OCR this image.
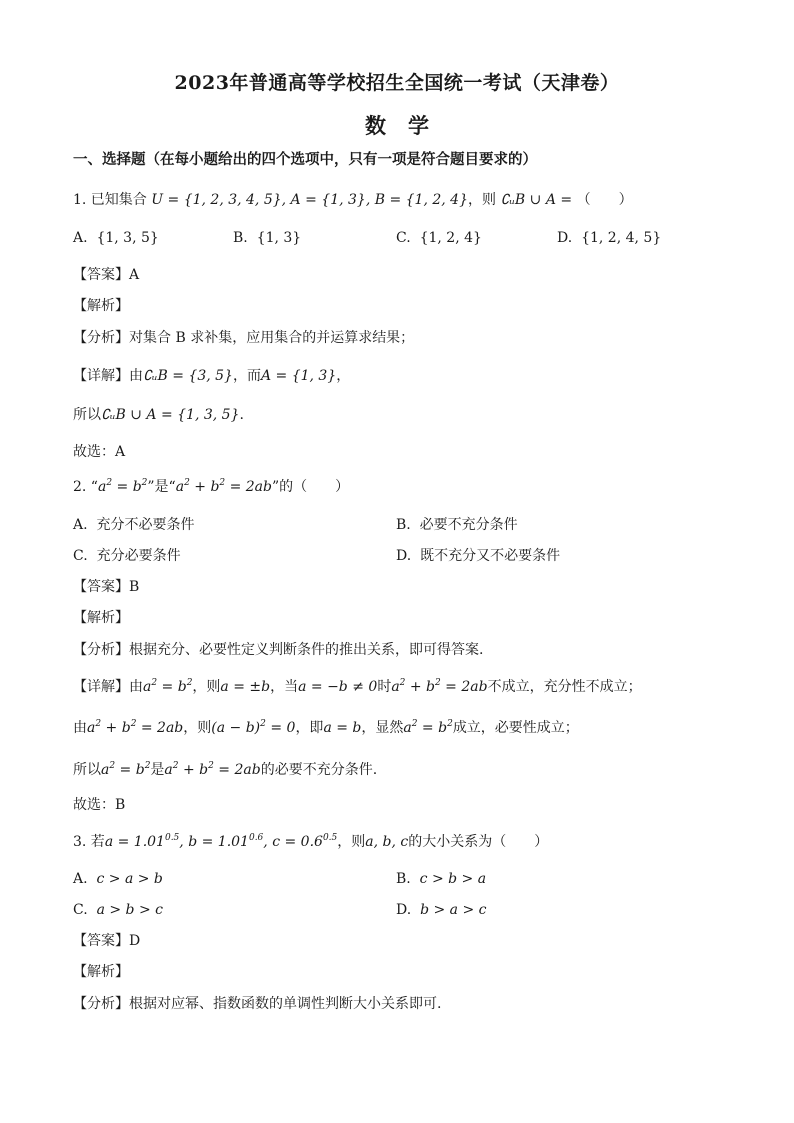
2023年普通高等学校招生全国统一考试（天津卷）
数学
一、选择题（在每小题给出的四个选项中，只有一项是符合题目要求的）
1. 已知集合 U = {1, 2, 3, 4, 5}, A = {1, 3}, B = {1, 2, 4}，则 ∁ᵤB ∪ A = （　　）
A. {1, 3, 5}	B. {1, 3}	C. {1, 2, 4}	D. {1, 2, 4, 5}
【答案】A
【解析】
【分析】对集合 B 求补集，应用集合的并运算求结果；
【详解】由∁ᵤB = {3, 5}，而A = {1, 3}，
所以∁ᵤB ∪ A = {1, 3, 5}.
故选：A
2. “$a^2 = b^2$”是“$a^2 + b^2 = 2ab$”的（　　）
A. 充分不必要条件	B. 必要不充分条件
C. 充分必要条件	D. 既不充分又不必要条件
【答案】B
【解析】
【分析】根据充分、必要性定义判断条件的推出关系，即可得答案.
【详解】由$a^2 = b^2$，则a = ±b，当a = −b ≠ 0时$a^2 + b^2 = 2ab$不成立，充分性不成立；
由$a^2 + b^2 = 2ab$，则$(a - b)^2 = 0$，即a = b，显然$a^2 = b^2$成立，必要性成立；
所以$a^2 = b^2$是$a^2 + b^2 = 2ab$的必要不充分条件.
故选：B
3. 若$a = 1.01^{0.5}$, $b = 1.01^{0.6}$, $c = 0.6^{0.5}$，则a, b, c的大小关系为（　　）
A. c > a > b	B. c > b > a
C. a > b > c	D. b > a > c
【答案】D
【解析】
【分析】根据对应幂、指数函数的单调性判断大小关系即可.
